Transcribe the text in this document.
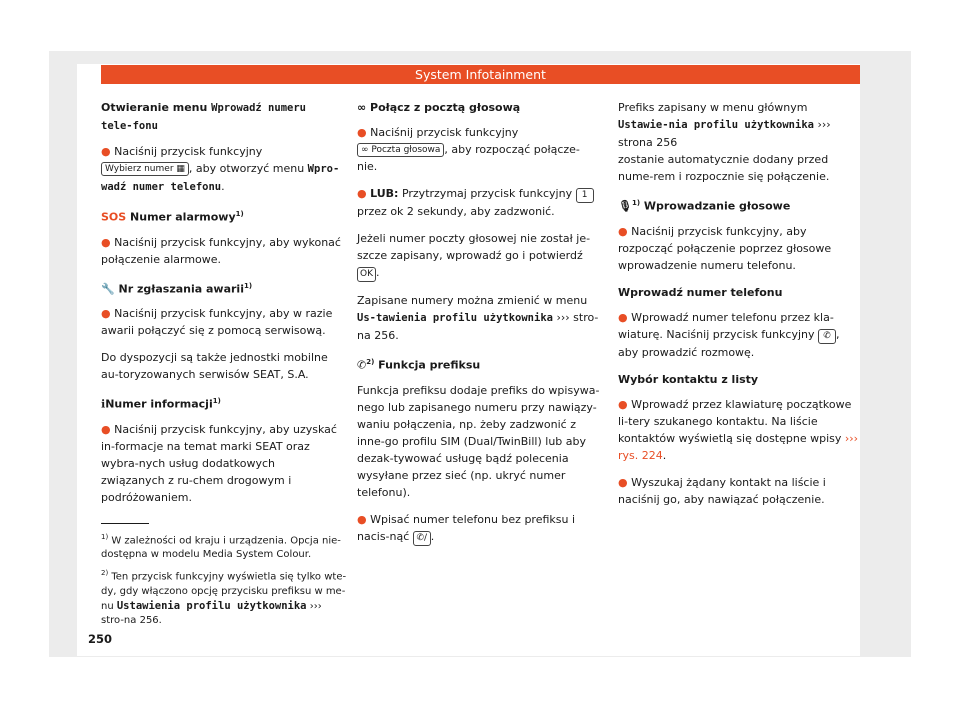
System Infotainment

Otwieranie menu Wprowadź numeru tele-fonu

● Naciśnij przycisk funkcyjny
Wybierz numer ▦ , aby otworzyć menu Wpro-wadź numer telefonu.

SOS Numer alarmowy$^{1)}$

● Naciśnij przycisk funkcyjny, aby wykonać połączenie alarmowe.

🔧 Nr zgłaszania awarii$^{1)}$

● Naciśnij przycisk funkcyjny, aby w razie awarii połączyć się z pomocą serwisową.

Do dyspozycji są także jednostki mobilne au-toryzowanych serwisów SEAT, S.A.

ℹNumer informacji$^{1)}$

● Naciśnij przycisk funkcyjny, aby uzyskać in-formacje na temat marki SEAT oraz wybra-nych usług dodatkowych związanych z ru-chem drogowym i podróżowaniem.

∞ Połącz z pocztą głosową

● Naciśnij przycisk funkcyjny
∞ Poczta głosowa , aby rozpocząć połącze-nie.

● LUB: Przytrzymaj przycisk funkcyjny 1
przez ok 2 sekundy, aby zadzwonić.

Jeżeli numer poczty głosowej nie został je-szcze zapisany, wprowadź go i potwierdź
OK .

Zapisane numery można zmienić w menu Us-tawienia profilu użytkownika ››› stro-na 256.

✆$^{2)}$ Funkcja prefiksu

Funkcja prefiksu dodaje prefiks do wpisywa-nego lub zapisanego numeru przy nawiązy-waniu połączenia, np. żeby zadzwonić z inne-go profilu SIM (Dual/TwinBill) lub aby dezak-tywować usługę bądź polecenia wysyłane przez sieć (np. ukryć numer telefonu).

● Wpisać numer telefonu bez prefiksu i nacis-nąć ✆/ .

Prefiks zapisany w menu głównym Ustawie-nia profilu użytkownika ››› strona 256
zostanie automatycznie dodany przed nume-rem i rozpocznie się połączenie.

🎙$^{1)}$ Wprowadzanie głosowe

● Naciśnij przycisk funkcyjny, aby rozpocząć połączenie poprzez głosowe wprowadzenie numeru telefonu.

Wprowadź numer telefonu

● Wprowadź numer telefonu przez kla-wiaturę. Naciśnij przycisk funkcyjny ✆ , aby prowadzić rozmowę.

Wybór kontaktu z listy

● Wprowadź przez klawiaturę początkowe li-tery szukanego kontaktu. Na liście kontaktów wyświetlą się dostępne wpisy ››› rys. 224.

● Wyszukaj żądany kontakt na liście i naciśnij go, aby nawiązać połączenie.

$^{1)}$ W zależności od kraju i urządzenia. Opcja nie-dostępna w modelu Media System Colour.

$^{2)}$ Ten przycisk funkcyjny wyświetla się tylko wte-dy, gdy włączono opcję przycisku prefiksu w me-nu Ustawienia profilu użytkownika ››› stro-na 256.

250
